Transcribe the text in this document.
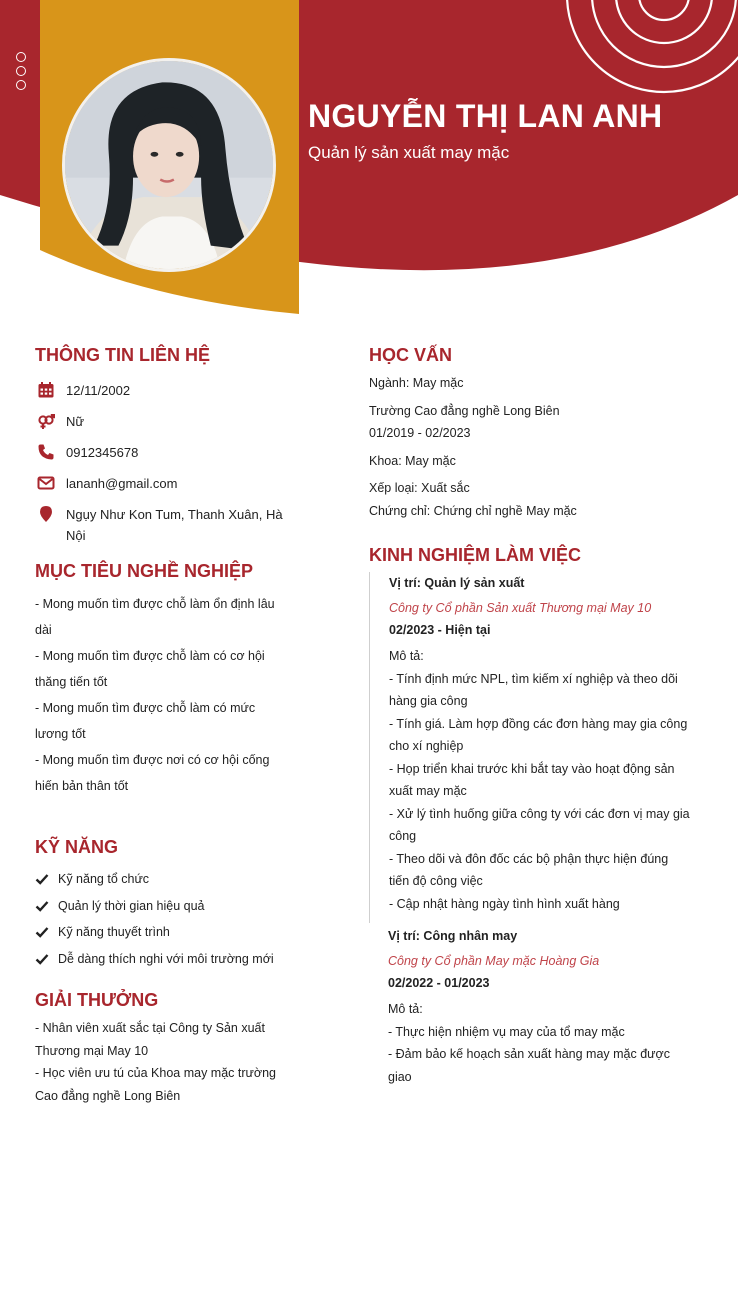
NGUYỄN THỊ LAN ANH
Quản lý sản xuất may mặc
THÔNG TIN LIÊN HỆ
12/11/2002
Nữ
0912345678
lananh@gmail.com
Ngụy Như Kon Tum, Thanh Xuân, Hà
Nội
MỤC TIÊU NGHỀ NGHIỆP
- Mong muốn tìm được chỗ làm ổn định lâu
dài
- Mong muốn tìm được chỗ làm có cơ hội
thăng tiến tốt
- Mong muốn tìm được chỗ làm có mức
lương tốt
- Mong muốn tìm được nơi có cơ hội cống
hiến bản thân tốt
KỸ NĂNG
Kỹ năng tổ chức
Quản lý thời gian hiệu quả
Kỹ năng thuyết trình
Dễ dàng thích nghi với môi trường mới
GIẢI THƯỞNG
- Nhân viên xuất sắc tại Công ty Sản xuất
Thương mại May 10
- Học viên ưu tú của Khoa may mặc trường
Cao đẳng nghề Long Biên
HỌC VẤN
Ngành: May mặc
Trường Cao đẳng nghề Long Biên
01/2019 - 02/2023
Khoa: May mặc
Xếp loại: Xuất sắc
Chứng chỉ: Chứng chỉ nghề May mặc
KINH NGHIỆM LÀM VIỆC
Vị trí: Quản lý sản xuất
Công ty Cổ phần Sản xuất Thương mại May 10
02/2023 - Hiện tại
Mô tả:
- Tính định mức NPL, tìm kiếm xí nghiệp và theo dõi
hàng gia công
- Tính giá. Làm hợp đồng các đơn hàng may gia công
cho xí nghiệp
- Họp triển khai trước khi bắt tay vào hoạt động sản
xuất may mặc
- Xử lý tình huống giữa công ty với các đơn vị may gia
công
- Theo dõi và đôn đốc các bộ phận thực hiện đúng
tiến độ công việc
- Cập nhật hàng ngày tình hình xuất hàng
Vị trí: Công nhân may
Công ty Cổ phần May mặc Hoàng Gia
02/2022 - 01/2023
Mô tả:
- Thực hiện nhiệm vụ may của tổ may mặc
- Đảm bảo kế hoạch sản xuất hàng may mặc được
giao
